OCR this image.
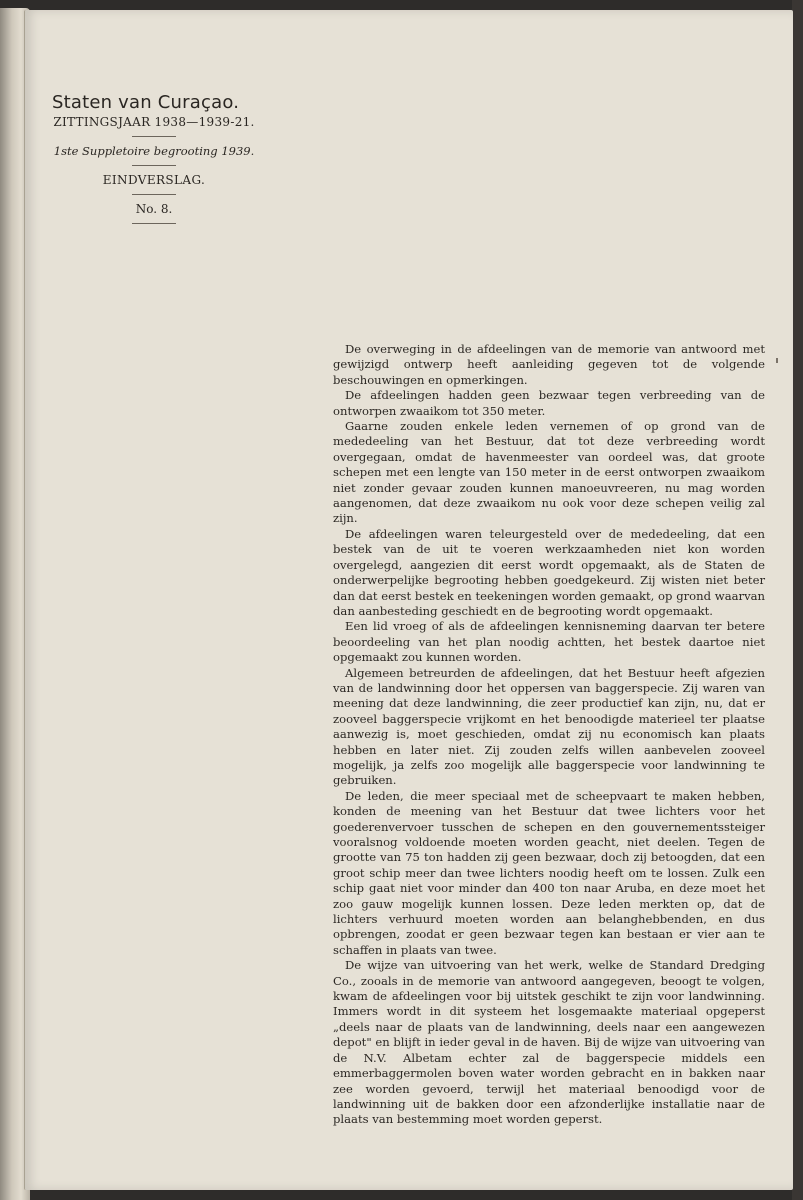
Staten van Curaçao.
ZITTINGSJAAR 1938—1939-21.
1ste Suppletoire begrooting 1939.
EINDVERSLAG.
No. 8.

De overweging in de afdeelingen van de memorie van antwoord met gewijzigd ontwerp heeft aanleiding gegeven tot de volgende beschouwingen en opmerkingen.

De afdeelingen hadden geen bezwaar tegen verbreeding van de ontworpen zwaaikom tot 350 meter.

Gaarne zouden enkele leden vernemen of op grond van de mededeeling van het Bestuur, dat tot deze verbreeding wordt overgegaan, omdat de havenmeester van oordeel was, dat groote schepen met een lengte van 150 meter in de eerst ontworpen zwaaikom niet zonder gevaar zouden kunnen manoeuvreeren, nu mag worden aangenomen, dat deze zwaaikom nu ook voor deze schepen veilig zal zijn.

De afdeelingen waren teleurgesteld over de mededeeling, dat een bestek van de uit te voeren werkzaamheden niet kon worden overgelegd, aangezien dit eerst wordt opgemaakt, als de Staten de onderwerpelijke begrooting hebben goedgekeurd. Zij wisten niet beter dan dat eerst bestek en teekeningen worden gemaakt, op grond waarvan dan aanbesteding geschiedt en de begrooting wordt opgemaakt.

Een lid vroeg of als de afdeelingen kennisneming daarvan ter betere beoordeeling van het plan noodig achtten, het bestek daartoe niet opgemaakt zou kunnen worden.

Algemeen betreurden de afdeelingen, dat het Bestuur heeft afgezien van de landwinning door het oppersen van baggerspecie. Zij waren van meening dat deze landwinning, die zeer productief kan zijn, nu, dat er zooveel baggerspecie vrijkomt en het benoodigde materieel ter plaatse aanwezig is, moet geschieden, omdat zij nu economisch kan plaats hebben en later niet. Zij zouden zelfs willen aanbevelen zooveel mogelijk, ja zelfs zoo mogelijk alle baggerspecie voor landwinning te gebruiken.

De leden, die meer speciaal met de scheepvaart te maken hebben, konden de meening van het Bestuur dat twee lichters voor het goederenvervoer tusschen de schepen en den gouvernementssteiger vooralsnog voldoende moeten worden geacht, niet deelen. Tegen de grootte van 75 ton hadden zij geen bezwaar, doch zij betoogden, dat een groot schip meer dan twee lichters noodig heeft om te lossen. Zulk een schip gaat niet voor minder dan 400 ton naar Aruba, en deze moet het zoo gauw mogelijk kunnen lossen. Deze leden merkten op, dat de lichters verhuurd moeten worden aan belanghebbenden, en dus opbrengen, zoodat er geen bezwaar tegen kan bestaan er vier aan te schaffen in plaats van twee.

De wijze van uitvoering van het werk, welke de Standard Dredging Co., zooals in de memorie van antwoord aangegeven, beoogt te volgen, kwam de afdeelingen voor bij uitstek geschikt te zijn voor landwinning. Immers wordt in dit systeem het losgemaakte materiaal opgeperst „deels naar de plaats van de landwinning, deels naar een aangewezen depot" en blijft in ieder geval in de haven. Bij de wijze van uitvoering van de N.V. Albetam echter zal de baggerspecie middels een emmerbaggermolen boven water worden gebracht en in bakken naar zee worden gevoerd, terwijl het materiaal benoodigd voor de landwinning uit de bakken door een afzonderlijke installatie naar de plaats van bestemming moet worden geperst.
